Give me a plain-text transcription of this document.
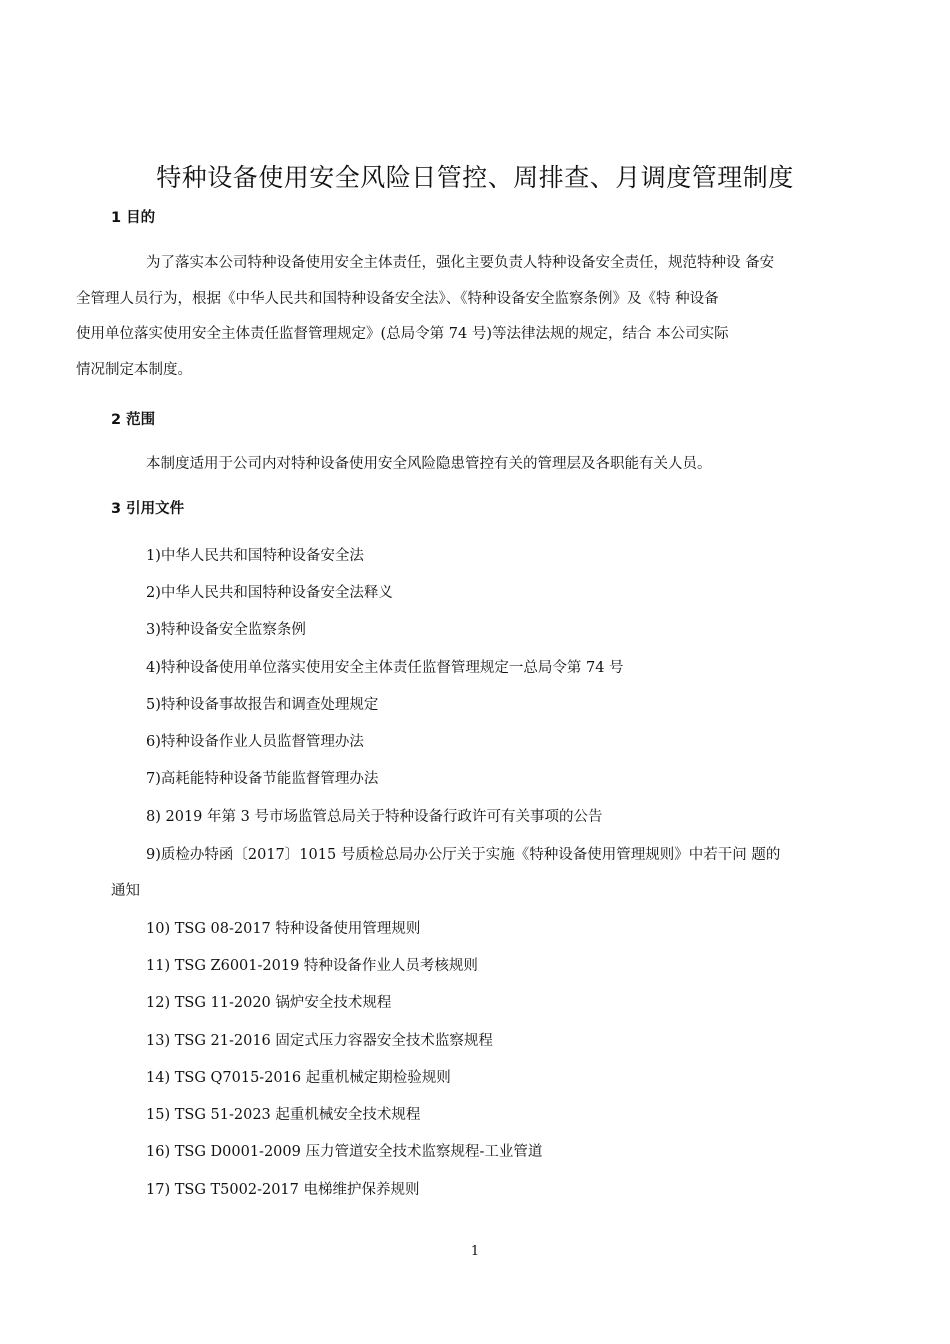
特种设备使用安全风险日管控、周排查、月调度管理制度
1 目的

为了落实本公司特种设备使用安全主体责任，强化主要负责人特种设备安全责任，规范特种设 备安
全管理人员行为，根据《中华人民共和国特种设备安全法》、《特种设备安全监察条例》及《特 种设备
使用单位落实使用安全主体责任监督管理规定》(总局令第 74 号)等法律法规的规定，结合 本公司实际
情况制定本制度。

2 范围

本制度适用于公司内对特种设备使用安全风险隐患管控有关的管理层及各职能有关人员。

3 引用文件
1)中华人民共和国特种设备安全法
2)中华人民共和国特种设备安全法释义
3)特种设备安全监察条例
4)特种设备使用单位落实使用安全主体责任监督管理规定一总局令第 74 号
5)特种设备事故报告和调查处理规定
6)特种设备作业人员监督管理办法
7)高耗能特种设备节能监督管理办法
8) 2019 年第 3 号市场监管总局关于特种设备行政许可有关事项的公告
9)质检办特函〔2017〕1015 号质检总局办公厅关于实施《特种设备使用管理规则》中若干问 题的
通知
10) TSG 08-2017 特种设备使用管理规则
11) TSG Z6001-2019 特种设备作业人员考核规则
12) TSG 11-2020 锅炉安全技术规程
13) TSG 21-2016 固定式压力容器安全技术监察规程
14) TSG Q7015-2016 起重机械定期检验规则
15) TSG 51-2023 起重机械安全技术规程
16) TSG D0001-2009 压力管道安全技术监察规程-工业管道
17) TSG T5002-2017 电梯维护保养规则
1
